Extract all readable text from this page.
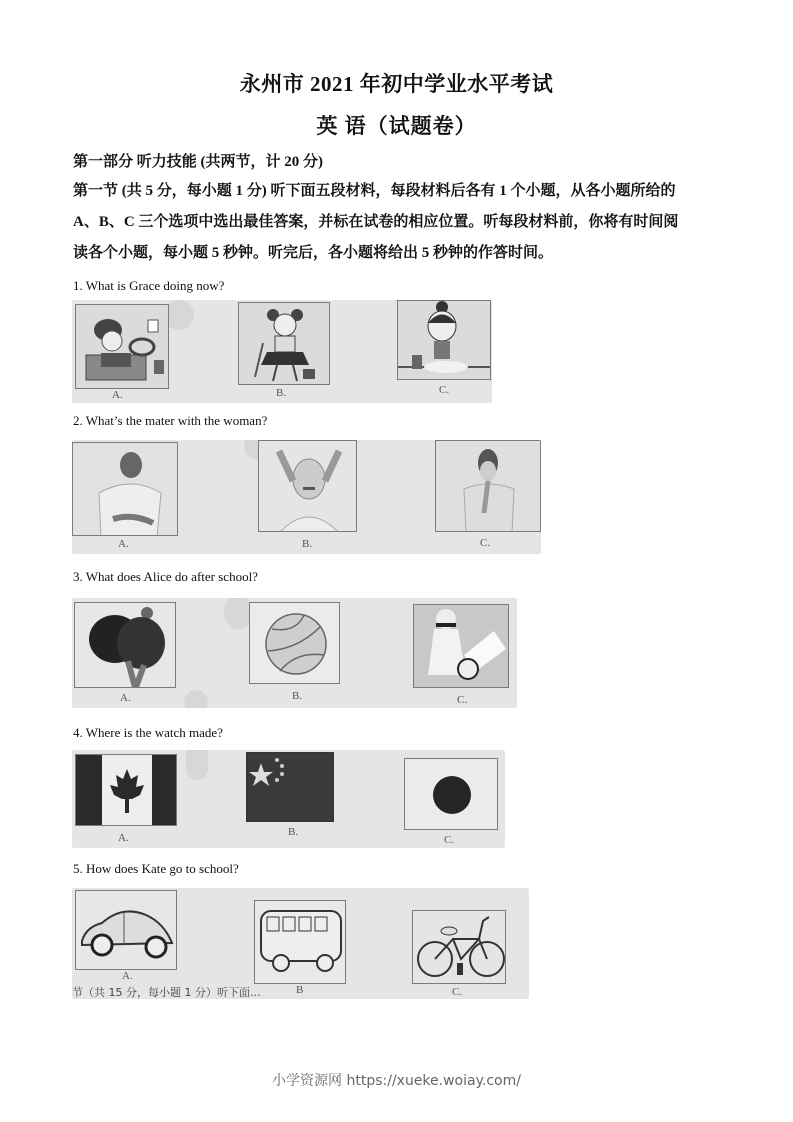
永州市 2021 年初中学业水平考试
英 语（试题卷）
第一部分 听力技能 (共两节，计 20 分)
第一节 (共 5 分，每小题 1 分) 听下面五段材料，每段材料后各有 1 个小题，从各小题所给的
A、B、C 三个选项中选出最佳答案，并标在试卷的相应位置。听每段材料前，你将有时间阅
读各个小题，每小题 5 秒钟。听完后，各小题将给出 5 秒钟的作答时间。
1. What is Grace doing now?
A.	B.	C.
2. What’s the mater with the woman?
A.	B.	C.
3. What does Alice do after school?
A.	B.	C.
4. Where is the watch made?
A.	B.
C.
5. How does Kate go to school?
A.
B	C.
节（共 15 分，每小题 1 分）听下面...
小学资源网 https://xueke.woiay.com/
